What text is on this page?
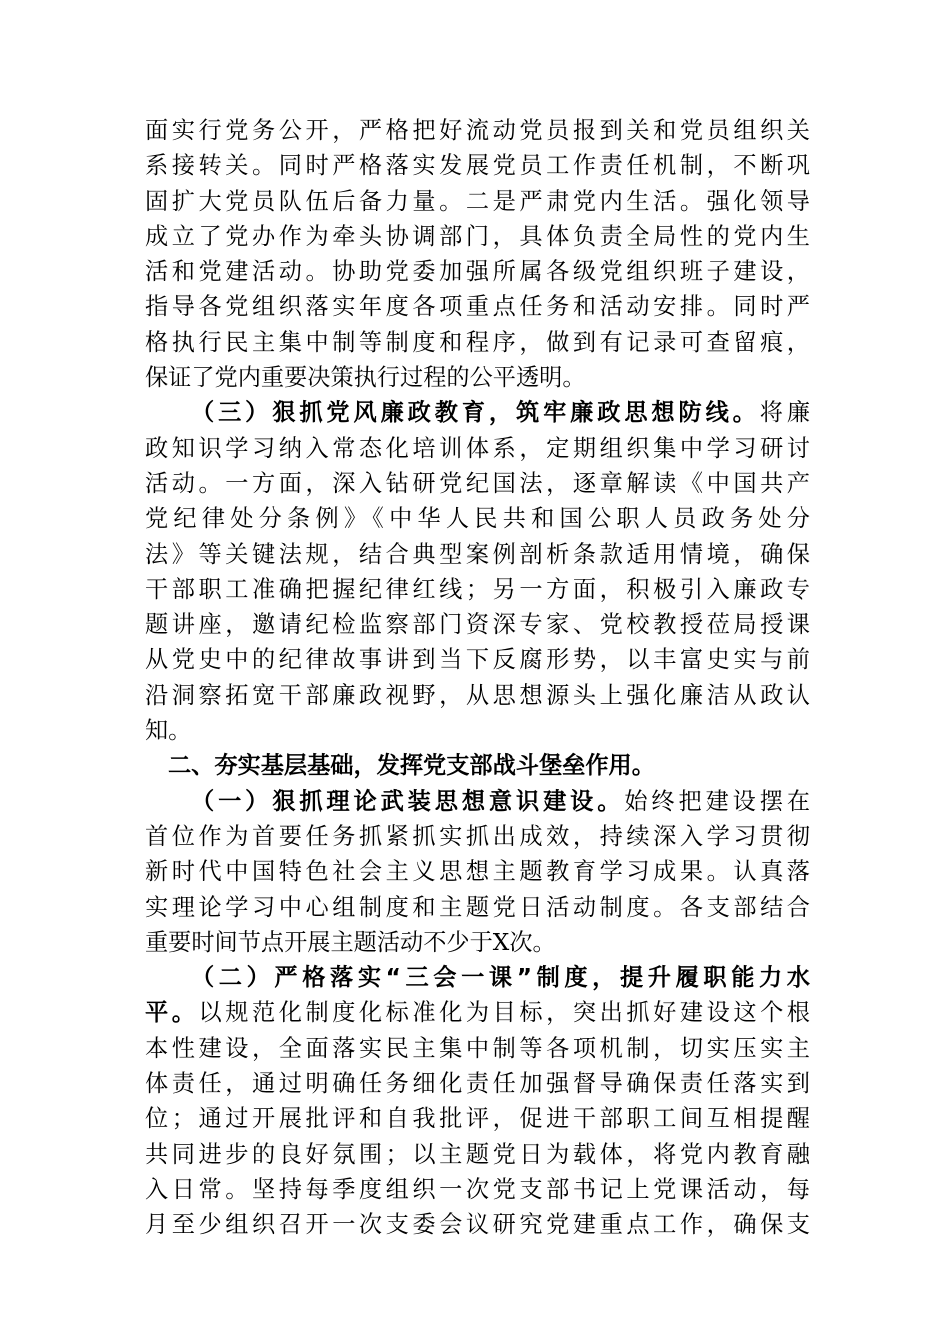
面实行党务公开，严格把好流动党员报到关和党员组织关
系接转关。同时严格落实发展党员工作责任机制，不断巩
固扩大党员队伍后备力量。二是严肃党内生活。强化领导
成立了党办作为牵头协调部门，具体负责全局性的党内生
活和党建活动。协助党委加强所属各级党组织班子建设，
指导各党组织落实年度各项重点任务和活动安排。同时严
格执行民主集中制等制度和程序，做到有记录可查留痕，
保证了党内重要决策执行过程的公平透明。
（三）狠抓党风廉政教育，筑牢廉政思想防线。将廉
政知识学习纳入常态化培训体系，定期组织集中学习研讨
活动。一方面，深入钻研党纪国法，逐章解读《中国共产
党纪律处分条例》《中华人民共和国公职人员政务处分
法》等关键法规，结合典型案例剖析条款适用情境，确保
干部职工准确把握纪律红线；另一方面，积极引入廉政专
题讲座，邀请纪检监察部门资深专家、党校教授莅局授课
从党史中的纪律故事讲到当下反腐形势，以丰富史实与前
沿洞察拓宽干部廉政视野，从思想源头上强化廉洁从政认
知。
二、夯实基层基础，发挥党支部战斗堡垒作用。
（一）狠抓理论武装思想意识建设。始终把建设摆在
首位作为首要任务抓紧抓实抓出成效，持续深入学习贯彻
新时代中国特色社会主义思想主题教育学习成果。认真落
实理论学习中心组制度和主题党日活动制度。各支部结合
重要时间节点开展主题活动不少于X次。
（二）严格落实“三会一课”制度，提升履职能力水
平。以规范化制度化标准化为目标，突出抓好建设这个根
本性建设，全面落实民主集中制等各项机制，切实压实主
体责任，通过明确任务细化责任加强督导确保责任落实到
位；通过开展批评和自我批评，促进干部职工间互相提醒
共同进步的良好氛围；以主题党日为载体，将党内教育融
入日常。坚持每季度组织一次党支部书记上党课活动，每
月至少组织召开一次支委会议研究党建重点工作，确保支
